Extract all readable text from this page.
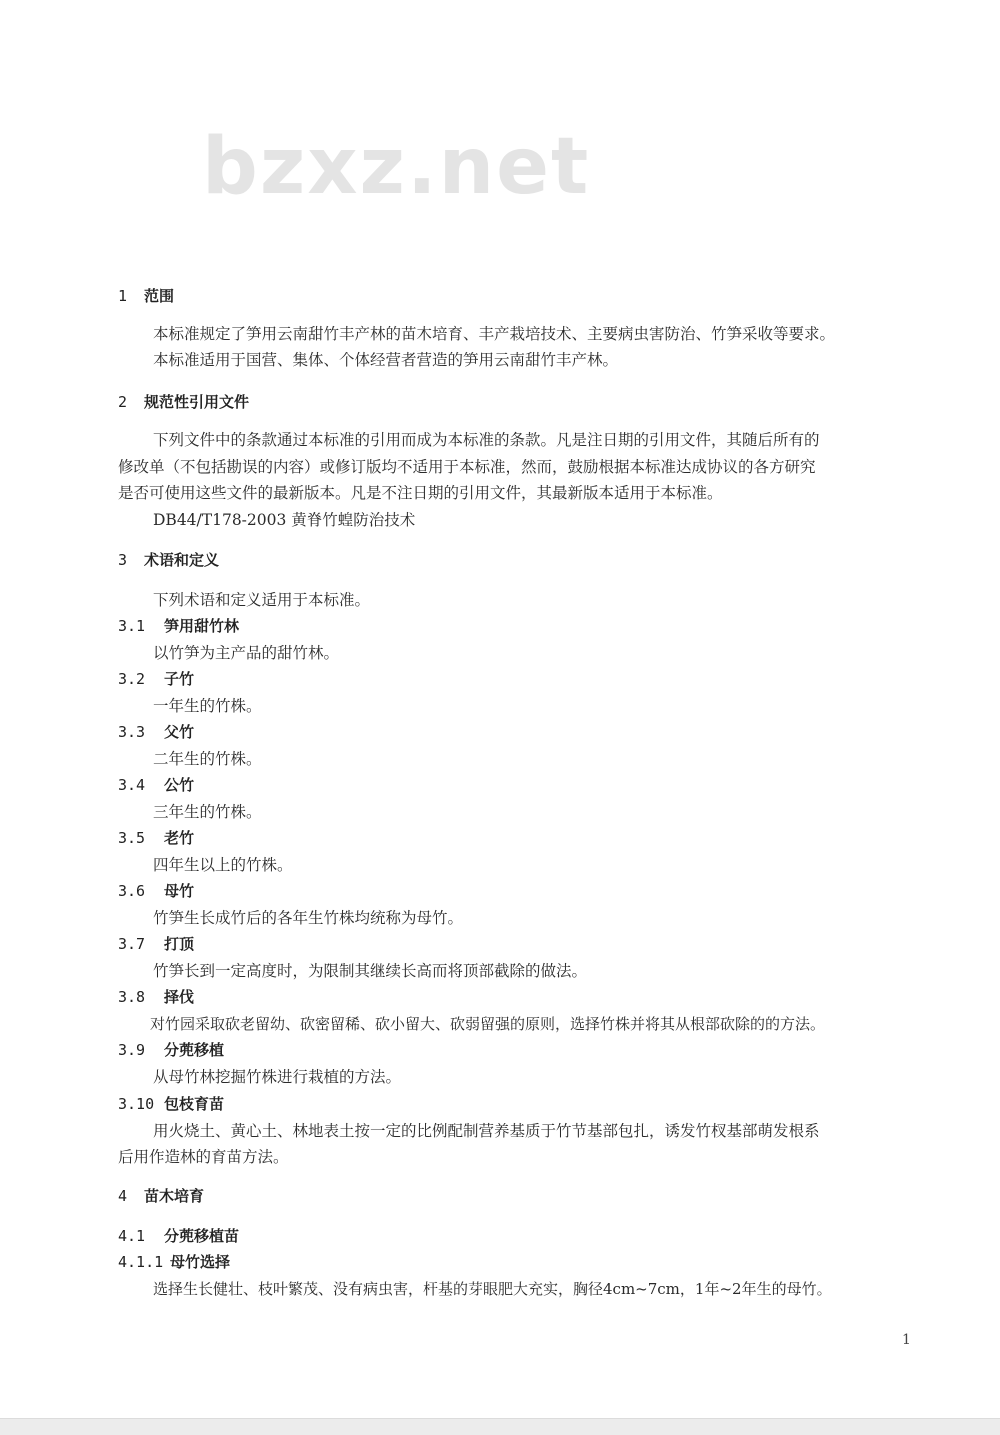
bzxz.net
1 范围
本标准规定了笋用云南甜竹丰产林的苗木培育、丰产栽培技术、主要病虫害防治、竹笋采收等要求。
本标准适用于国营、集体、个体经营者营造的笋用云南甜竹丰产林。
2 规范性引用文件
下列文件中的条款通过本标准的引用而成为本标准的条款。凡是注日期的引用文件，其随后所有的
修改单（不包括勘误的内容）或修订版均不适用于本标准，然而，鼓励根据本标准达成协议的各方研究
是否可使用这些文件的最新版本。凡是不注日期的引用文件，其最新版本适用于本标准。
DB44/T178-2003 黄脊竹蝗防治技术
3 术语和定义
下列术语和定义适用于本标准。
3.1 笋用甜竹林
以竹笋为主产品的甜竹林。
3.2 子竹
一年生的竹株。
3.3 父竹
二年生的竹株。
3.4 公竹
三年生的竹株。
3.5 老竹
四年生以上的竹株。
3.6 母竹
竹笋生长成竹后的各年生竹株均统称为母竹。
3.7 打顶
竹笋长到一定高度时，为限制其继续长高而将顶部截除的做法。
3.8 择伐
对竹园采取砍老留幼、砍密留稀、砍小留大、砍弱留强的原则，选择竹株并将其从根部砍除的的方法。
3.9 分蔸移植
从母竹林挖掘竹株进行栽植的方法。
3.10 包枝育苗
用火烧土、黄心土、林地表土按一定的比例配制营养基质于竹节基部包扎，诱发竹杈基部萌发根系
后用作造林的育苗方法。
4 苗木培育
4.1 分蔸移植苗
4.1.1 母竹选择
选择生长健壮、枝叶繁茂、没有病虫害，杆基的芽眼肥大充实，胸径4cm~7cm，1年~2年生的母竹。
1
